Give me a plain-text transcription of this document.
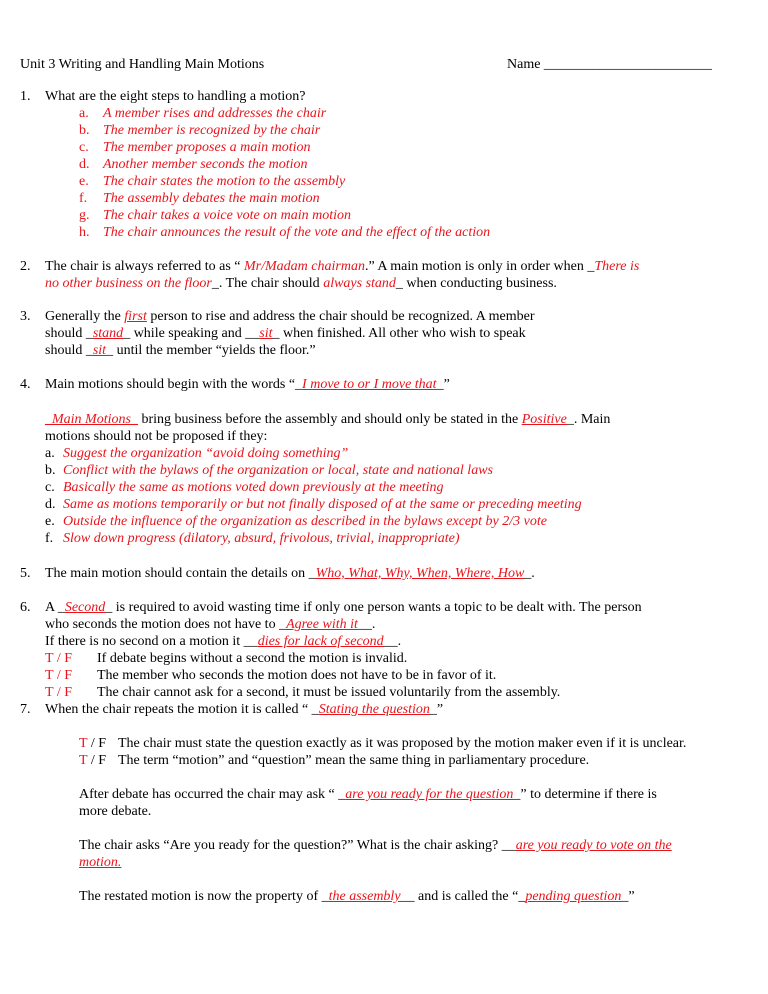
Unit 3 Writing and Handling Main Motions	Name ________________________
1. What are the eight steps to handling a motion?
a. A member rises and addresses the chair
b. The member is recognized by the chair
c. The member proposes a main motion
d. Another member seconds the motion
e. The chair states the motion to the assembly
f. The assembly debates the main motion
g. The chair takes a voice vote on main motion
h. The chair announces the result of the vote and the effect of the action
2. The chair is always referred to as “ Mr/Madam chairman.” A main motion is only in order when _There is
no other business on the floor_. The chair should always stand_ when conducting business.
3. Generally the first person to rise and address the chair should be recognized. A member
should _stand_ while speaking and __sit_ when finished. All other who wish to speak
should _sit_ until the member “yields the floor.”
4. Main motions should begin with the words “_I move to or I move that_”
_Main Motions_ bring business before the assembly and should only be stated in the Positive_. Main
motions should not be proposed if they:
a. Suggest the organization “avoid doing something”
b. Conflict with the bylaws of the organization or local, state and national laws
c. Basically the same as motions voted down previously at the meeting
d. Same as motions temporarily or but not finally disposed of at the same or preceding meeting
e. Outside the influence of the organization as described in the bylaws except by 2/3 vote
f. Slow down progress (dilatory, absurd, frivolous, trivial, inappropriate)
5. The main motion should contain the details on _Who, What, Why, When, Where, How_.
6. A _Second_ is required to avoid wasting time if only one person wants a topic to be dealt with. The person
who seconds the motion does not have to _Agree with it__.
If there is no second on a motion it __dies for lack of second__.
T / F If debate begins without a second the motion is invalid.
T / F The member who seconds the motion does not have to be in favor of it.
T / F The chair cannot ask for a second, it must be issued voluntarily from the assembly.
7. When the chair repeats the motion it is called “ _Stating the question_”
T / F The chair must state the question exactly as it was proposed by the motion maker even if it is unclear.
T / F The term “motion” and “question” mean the same thing in parliamentary procedure.
After debate has occurred the chair may ask “ _are you ready for the question_” to determine if there is
more debate.
The chair asks “Are you ready for the question?” What is the chair asking? __are you ready to vote on the
motion.
The restated motion is now the property of _the assembly__ and is called the “_pending question_”
